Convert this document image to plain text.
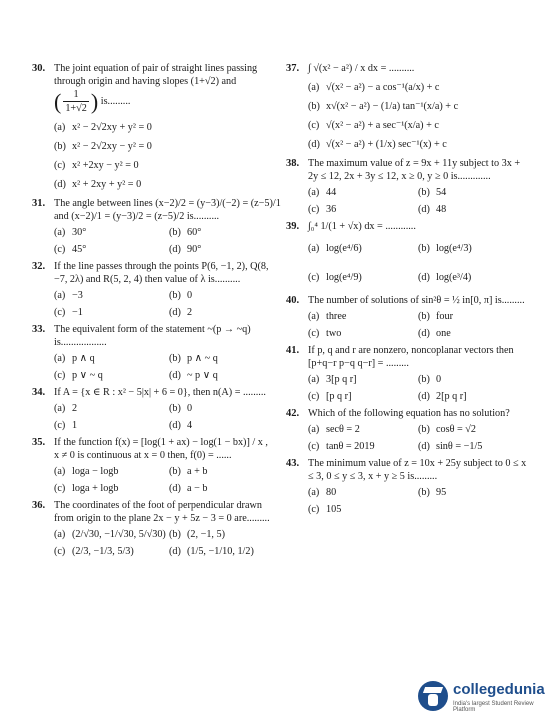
30. The joint equation of pair of straight lines passing through origin and having slopes (1+√2) and
( $\frac{1}{1+√2}$ ) is.........
(a) x² − 2√2xy + y² = 0
(b) x² − 2√2xy − y² = 0
(c) x² +2xy − y² = 0
(d) x² + 2xy + y² = 0
31. The angle between lines (x−2)/2 = (y−3)/(−2) = (z−5)/1
and (x−2)/1 = (y−3)/2 = (z−5)/2 is..........
(a) 30°	(b) 60°
(c) 45°	(d) 90°
32. If the line passes through the points P(6, −1, 2), Q(8, −7, 2λ) and R(5, 2, 4) then value of λ is..........
(a) −3	(b) 0
(c) −1	(d) 2
33. The equivalent form of the statement ~(p → ~q) is..................
(a) p ∧ q	(b) p ∧ ~ q
(c) p ∨ ~ q	(d) ~ p ∨ q
34. If A = {x ∈ R : x² − 5|x| + 6 = 0}, then n(A) = .........
(a) 2	(b) 0
(c) 1	(d) 4
35. If the function f(x) = [log(1 + ax) − log(1 − bx)] / x ,
x ≠ 0 is continuous at x = 0 then, f(0) = ......
(a) loga − logb	(b) a + b
(c) loga + logb	(d) a − b
36. The coordinates of the foot of perpendicular drawn from origin to the plane 2x − y + 5z − 3 = 0 are.........
(a) (2/√30, −1/√30, 5/√30) (b) (2, −1, 5)
(c) (2/3, −1/3, 5/3)	(d) (1/5, −1/10, 1/2)
37. ∫ √(x² − a²) / x dx = ..........
(a) √(x² − a²) − a cos⁻¹(a/x) + c
(b) x√(x² − a²) − (1/a) tan⁻¹(x/a) + c
(c) √(x² − a²) + a sec⁻¹(x/a) + c
(d) √(x² − a²) + (1/x) sec⁻¹(x) + c
38. The maximum value of z = 9x + 11y subject to 3x + 2y ≤ 12, 2x + 3y ≤ 12, x ≥ 0, y ≥ 0 is.............
(a) 44	(b) 54
(c) 36	(d) 48
39. ∫₀⁴ 1/(1 + √x) dx = ............
(a) log(e⁴/6)	(b) log(e⁴/3)
(c) log(e⁴/9)	(d) log(e³/4)
40. The number of solutions of sin²θ = ½ in[0, π] is.........
(a) three	(b) four
(c) two	(d) one
41. If p, q and r are nonzero, noncoplanar vectors then [p+q−r p−q q−r] = .........
(a) 3[p q r]	(b) 0
(c) [p q r]	(d) 2[p q r]
42. Which of the following equation has no solution?
(a) secθ = 2	(b) cosθ = √2
(c) tanθ = 2019	(d) sinθ = −1/5
43. The minimum value of z = 10x + 25y subject to 0 ≤ x ≤ 3, 0 ≤ y ≤ 3, x + y ≥ 5 is.........
(a) 80	(b) 95
(c) 105
collegedunia
India's largest Student Review Platform
